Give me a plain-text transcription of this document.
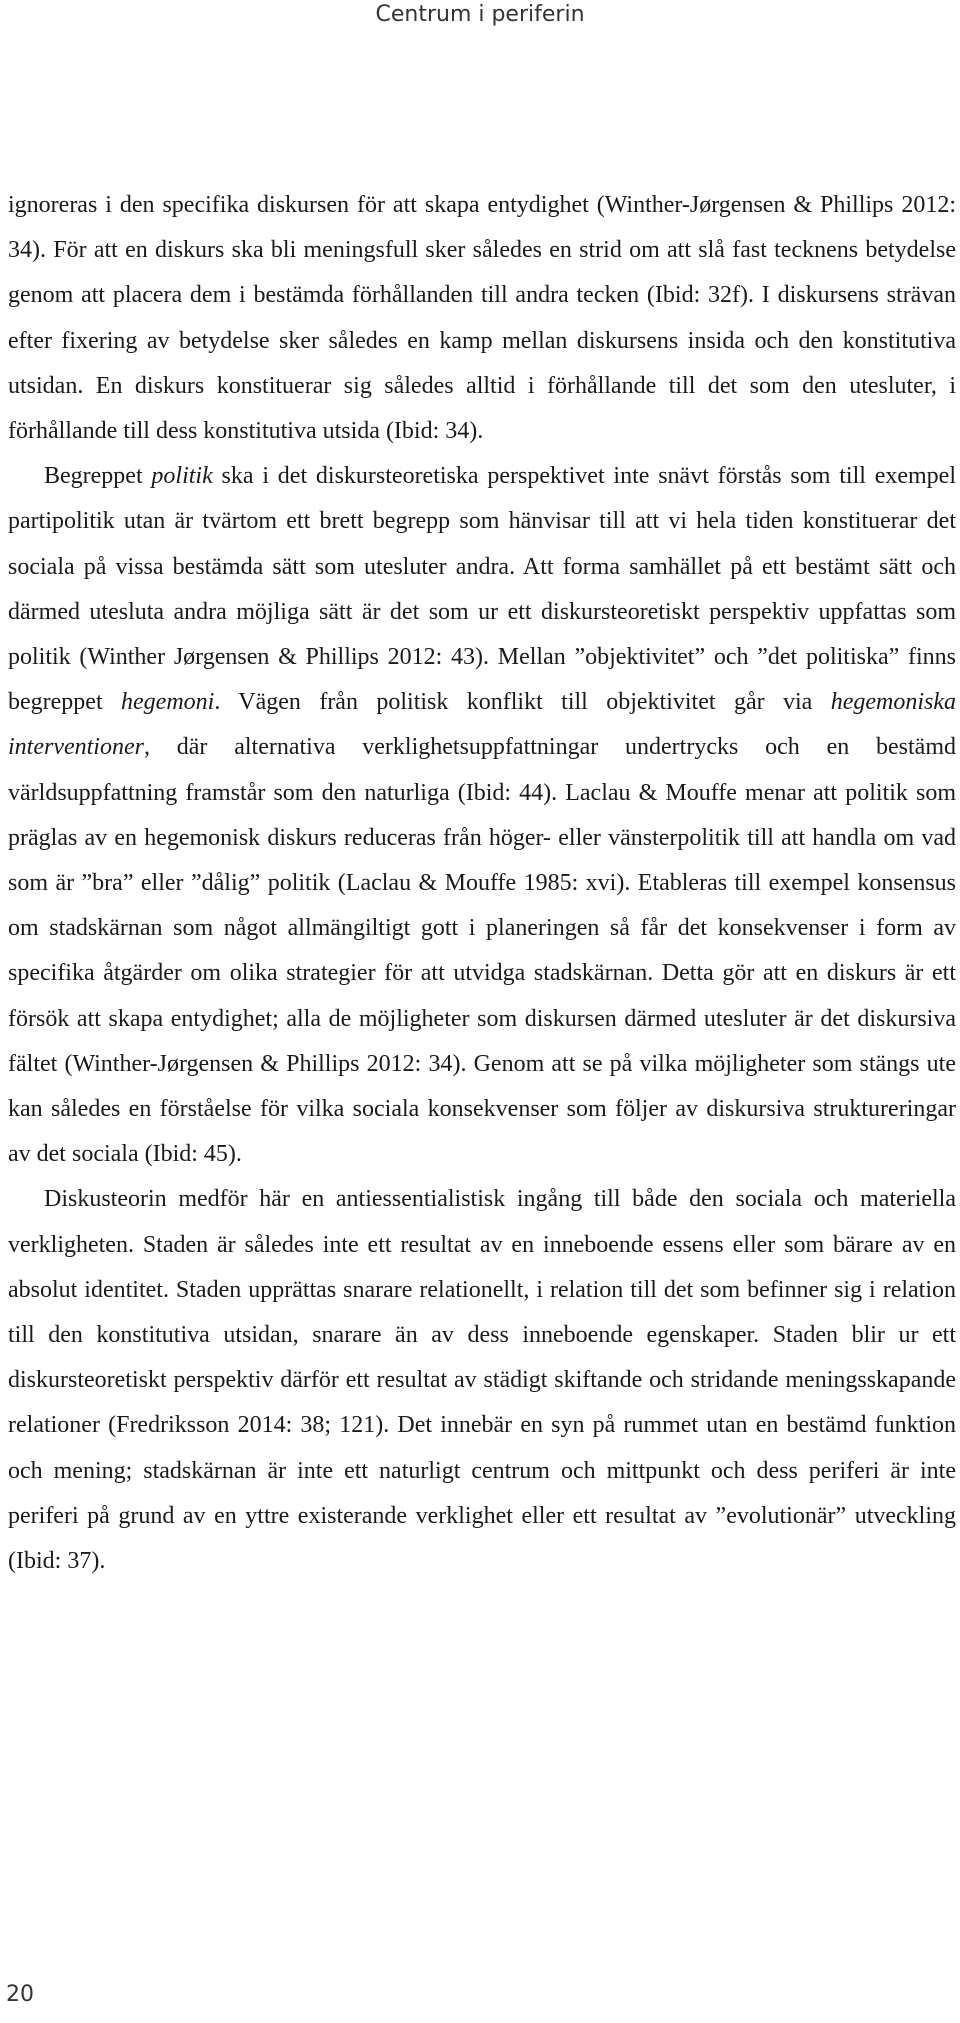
Centrum i periferin

ignoreras i den specifika diskursen för att skapa entydighet (Winther-Jørgensen & Phillips 2012: 34). För att en diskurs ska bli meningsfull sker således en strid om att slå fast tecknens betydelse genom att placera dem i bestämda förhållanden till andra tecken (Ibid: 32f). I diskursens strävan efter fixering av betydelse sker således en kamp mellan diskursens insida och den konstitutiva utsidan. En diskurs konstituerar sig således alltid i förhållande till det som den utesluter, i förhållande till dess konstitutiva utsida (Ibid: 34).

Begreppet politik ska i det diskursteoretiska perspektivet inte snävt förstås som till exempel partipolitik utan är tvärtom ett brett begrepp som hänvisar till att vi hela tiden konstituerar det sociala på vissa bestämda sätt som utesluter andra. Att forma samhället på ett bestämt sätt och därmed utesluta andra möjliga sätt är det som ur ett diskursteoretiskt perspektiv uppfattas som politik (Winther Jørgensen & Phillips 2012: 43). Mellan ”objektivitet” och ”det politiska” finns begreppet hegemoni. Vägen från politisk konflikt till objektivitet går via hegemoniska interventioner, där alternativa verklighetsuppfattningar undertrycks och en bestämd världsuppfattning framstår som den naturliga (Ibid: 44). Laclau & Mouffe menar att politik som präglas av en hegemonisk diskurs reduceras från höger- eller vänsterpolitik till att handla om vad som är ”bra” eller ”dålig” politik (Laclau & Mouffe 1985: xvi). Etableras till exempel konsensus om stadskärnan som något allmängiltigt gott i planeringen så får det konsekvenser i form av specifika åtgärder om olika strategier för att utvidga stadskärnan. Detta gör att en diskurs är ett försök att skapa entydighet; alla de möjligheter som diskursen därmed utesluter är det diskursiva fältet (Winther-Jørgensen & Phillips 2012: 34). Genom att se på vilka möjligheter som stängs ute kan således en förståelse för vilka sociala konsekvenser som följer av diskursiva struktureringar av det sociala (Ibid: 45).

Diskusteorin medför här en antiessentialistisk ingång till både den sociala och materiella verkligheten. Staden är således inte ett resultat av en inneboende essens eller som bärare av en absolut identitet. Staden upprättas snarare relationellt, i relation till det som befinner sig i relation till den konstitutiva utsidan, snarare än av dess inneboende egenskaper. Staden blir ur ett diskursteoretiskt perspektiv därför ett resultat av städigt skiftande och stridande meningsskapande relationer (Fredriksson 2014: 38; 121). Det innebär en syn på rummet utan en bestämd funktion och mening; stadskärnan är inte ett naturligt centrum och mittpunkt och dess periferi är inte periferi på grund av en yttre existerande verklighet eller ett resultat av ”evolutionär” utveckling (Ibid: 37).

20
